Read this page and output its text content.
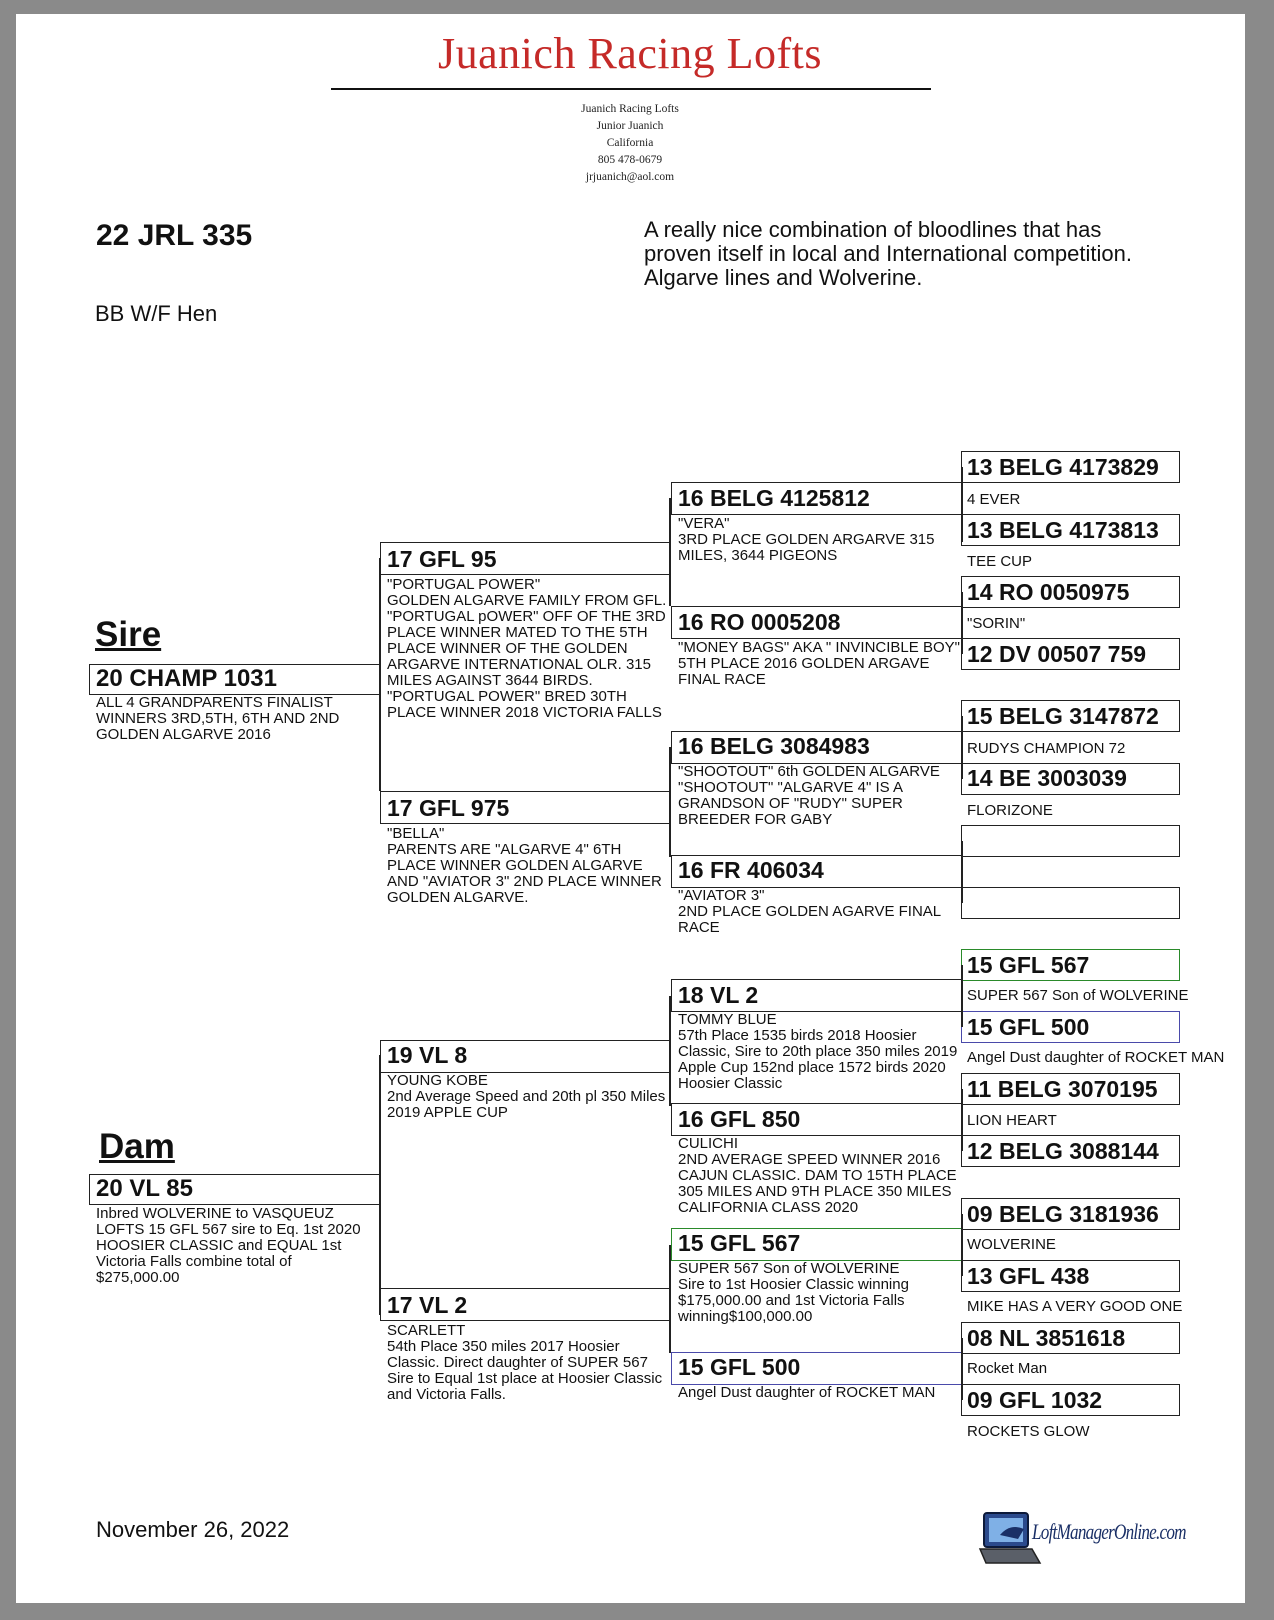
Juanich Racing Lofts
Juanich Racing Lofts
Junior Juanich
California
805 478-0679
jrjuanich@aol.com
22 JRL 335
BB W/F Hen
A really nice combination of bloodlines that has proven itself in local and International competition. Algarve lines and Wolverine.
Sire
20 CHAMP 1031
ALL 4 GRANDPARENTS FINALIST WINNERS 3RD,5TH, 6TH AND 2ND GOLDEN ALGARVE 2016
Dam
20 VL 85
Inbred WOLVERINE to VASQUEUZ LOFTS 15 GFL 567 sire to Eq. 1st 2020 HOOSIER CLASSIC and EQUAL 1st Victoria Falls combine total of $275,000.00
17 GFL 95
"PORTUGAL POWER"
GOLDEN ALGARVE FAMILY FROM GFL. "PORTUGAL pOWER" OFF OF THE 3RD PLACE WINNER MATED TO THE 5TH PLACE WINNER OF THE GOLDEN ARGARVE INTERNATIONAL OLR. 315 MILES AGAINST 3644 BIRDS. "PORTUGAL POWER" BRED 30TH PLACE WINNER 2018 VICTORIA FALLS
17 GFL 975
"BELLA"
PARENTS ARE "ALGARVE 4" 6TH PLACE WINNER GOLDEN ALGARVE AND "AVIATOR 3" 2ND PLACE WINNER GOLDEN ALGARVE.
19 VL 8
YOUNG KOBE
2nd Average Speed and 20th pl 350 Miles 2019 APPLE CUP
17 VL 2
SCARLETT
54th Place 350 miles 2017 Hoosier Classic. Direct daughter of SUPER 567 Sire to Equal 1st place at Hoosier Classic and Victoria Falls.
16 BELG 4125812
"VERA"
3RD PLACE GOLDEN ARGARVE 315 MILES, 3644 PIGEONS
16 RO 0005208
"MONEY BAGS" AKA " INVINCIBLE BOY"
5TH PLACE 2016 GOLDEN ARGAVE FINAL RACE
16 BELG 3084983
"SHOOTOUT" 6th GOLDEN ALGARVE
"SHOOTOUT" "ALGARVE 4" IS A GRANDSON OF "RUDY" SUPER BREEDER FOR GABY
16 FR 406034
"AVIATOR 3"
2ND PLACE GOLDEN AGARVE FINAL RACE
18 VL 2
TOMMY BLUE
57th Place 1535 birds 2018 Hoosier Classic, Sire to 20th place 350 miles 2019 Apple Cup 152nd place 1572 birds 2020 Hoosier Classic
16 GFL 850
CULICHI
2ND AVERAGE SPEED WINNER 2016 CAJUN CLASSIC. DAM TO 15TH PLACE 305 MILES AND 9TH PLACE 350 MILES CALIFORNIA CLASS 2020
15 GFL 567
SUPER 567 Son of WOLVERINE
Sire to 1st Hoosier Classic winning $175,000.00 and 1st Victoria Falls winning$100,000.00
15 GFL 500
Angel Dust daughter of ROCKET MAN
13 BELG 4173829
4 EVER
13 BELG 4173813
TEE CUP
14 RO 0050975
"SORIN"
12 DV 00507 759
15 BELG 3147872
RUDYS CHAMPION 72
14 BE 3003039
FLORIZONE
15 GFL 567
SUPER 567 Son of WOLVERINE
15 GFL 500
Angel Dust daughter of ROCKET MAN
11 BELG 3070195
LION HEART
12 BELG 3088144
09 BELG 3181936
WOLVERINE
13 GFL 438
MIKE HAS A VERY GOOD ONE
08 NL 3851618
Rocket Man
09 GFL 1032
ROCKETS GLOW
November 26, 2022	LoftManagerOnline.com
